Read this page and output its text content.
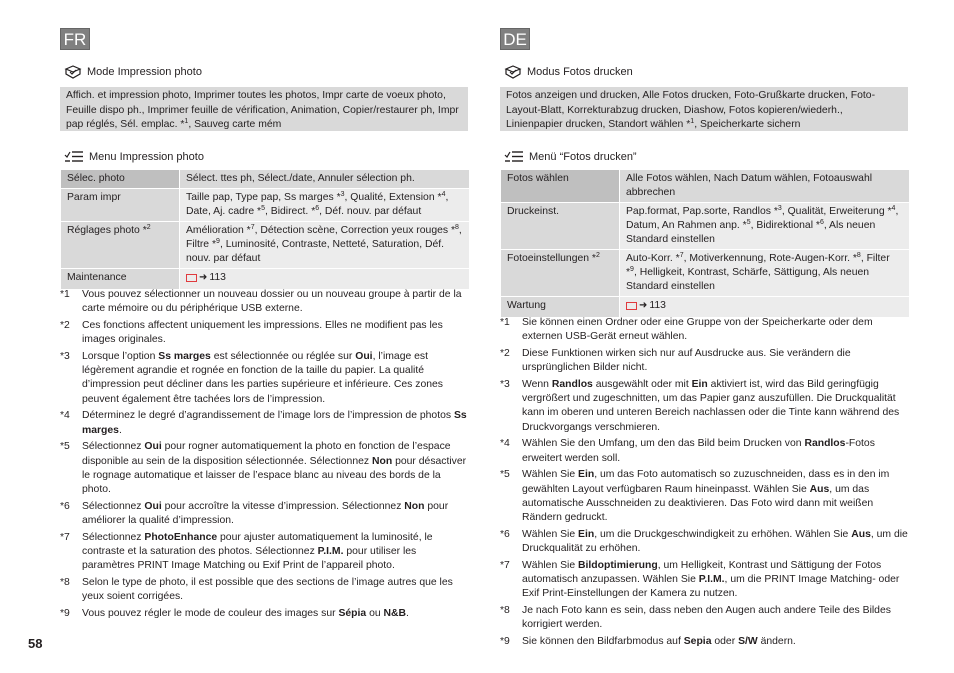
FR
Mode Impression photo
Affich. et impression photo, Imprimer toutes les photos, Impr carte de voeux photo, Feuille dispo ph., Imprimer feuille de vérification, Animation, Copier/restaurer ph, Impr pap réglés, Sél. emplac. *$^1$, Sauveg carte mém
Menu Impression photo
Sélec. photo	Sélect. ttes ph, Sélect./date, Annuler sélection ph.
Param impr	Taille pap, Type pap, Ss marges *$^3$, Qualité, Extension *$^4$, Date, Aj. cadre *$^5$, Bidirect. *$^6$, Déf. nouv. par défaut
Réglages photo *$^2$	Amélioration *$^7$, Détection scène, Correction yeux rouges *$^8$, Filtre *$^9$, Luminosité, Contraste, Netteté, Saturation, Déf. nouv. par défaut
Maintenance	➜ 113
*1	Vous pouvez sélectionner un nouveau dossier ou un nouveau groupe à partir de la carte mémoire ou du périphérique USB externe.
*2	Ces fonctions affectent uniquement les impressions. Elles ne modifient pas les images originales.
*3	Lorsque l’option Ss marges est sélectionnée ou réglée sur Oui, l’image est légèrement agrandie et rognée en fonction de la taille du papier. La qualité d’impression peut décliner dans les parties supérieure et inférieure. Ces zones peuvent également être tachées lors de l’impression.
*4	Déterminez le degré d’agrandissement de l’image lors de l’impression de photos Ss marges.
*5	Sélectionnez Oui pour rogner automatiquement la photo en fonction de l’espace disponible au sein de la disposition sélectionnée. Sélectionnez Non pour désactiver le rognage automatique et laisser de l’espace blanc au niveau des bords de la photo.
*6	Sélectionnez Oui pour accroître la vitesse d’impression. Sélectionnez Non pour améliorer la qualité d’impression.
*7	Sélectionnez PhotoEnhance pour ajuster automatiquement la luminosité, le contraste et la saturation des photos. Sélectionnez P.I.M. pour utiliser les paramètres PRINT Image Matching ou Exif Print de l’appareil photo.
*8	Selon le type de photo, il est possible que des sections de l’image autres que les yeux soient corrigées.
*9	Vous pouvez régler le mode de couleur des images sur Sépia ou N&B.
DE
Modus Fotos drucken
Fotos anzeigen und drucken, Alle Fotos drucken, Foto-Grußkarte drucken, Foto-Layout-Blatt, Korrekturabzug drucken, Diashow, Fotos kopieren/wiederh., Linienpapier drucken, Standort wählen *$^1$, Speicherkarte sichern
Menü “Fotos drucken”
Fotos wählen	Alle Fotos wählen, Nach Datum wählen, Fotoauswahl abbrechen
Druckeinst.	Pap.format, Pap.sorte, Randlos *$^3$, Qualität, Erweiterung *$^4$, Datum, An Rahmen anp. *$^5$, Bidirektional *$^6$, Als neuen Standard einstellen
Fotoeinstellungen *$^2$	Auto-Korr. *$^7$, Motiverkennung, Rote-Augen-Korr. *$^8$, Filter *$^9$, Helligkeit, Kontrast, Schärfe, Sättigung, Als neuen Standard einstellen
Wartung	➜ 113
*1	Sie können einen Ordner oder eine Gruppe von der Speicherkarte oder dem externen USB-Gerät erneut wählen.
*2	Diese Funktionen wirken sich nur auf Ausdrucke aus. Sie verändern die ursprünglichen Bilder nicht.
*3	Wenn Randlos ausgewählt oder mit Ein aktiviert ist, wird das Bild geringfügig vergrößert und zugeschnitten, um das Papier ganz auszufüllen. Die Druckqualität kann im oberen und unteren Bereich nachlassen oder die Tinte kann während des Druckvorgangs verschmieren.
*4	Wählen Sie den Umfang, um den das Bild beim Drucken von Randlos-Fotos erweitert werden soll.
*5	Wählen Sie Ein, um das Foto automatisch so zuzuschneiden, dass es in den im gewählten Layout verfügbaren Raum hineinpasst. Wählen Sie Aus, um das automatische Ausschneiden zu deaktivieren. Das Foto wird dann mit weißen Rändern gedruckt.
*6	Wählen Sie Ein, um die Druckgeschwindigkeit zu erhöhen. Wählen Sie Aus, um die Druckqualität zu erhöhen.
*7	Wählen Sie Bildoptimierung, um Helligkeit, Kontrast und Sättigung der Fotos automatisch anzupassen. Wählen Sie P.I.M., um die PRINT Image Matching- oder Exif Print-Einstellungen der Kamera zu nutzen.
*8	Je nach Foto kann es sein, dass neben den Augen auch andere Teile des Bildes korrigiert werden.
*9	Sie können den Bildfarbmodus auf Sepia oder S/W ändern.
58
